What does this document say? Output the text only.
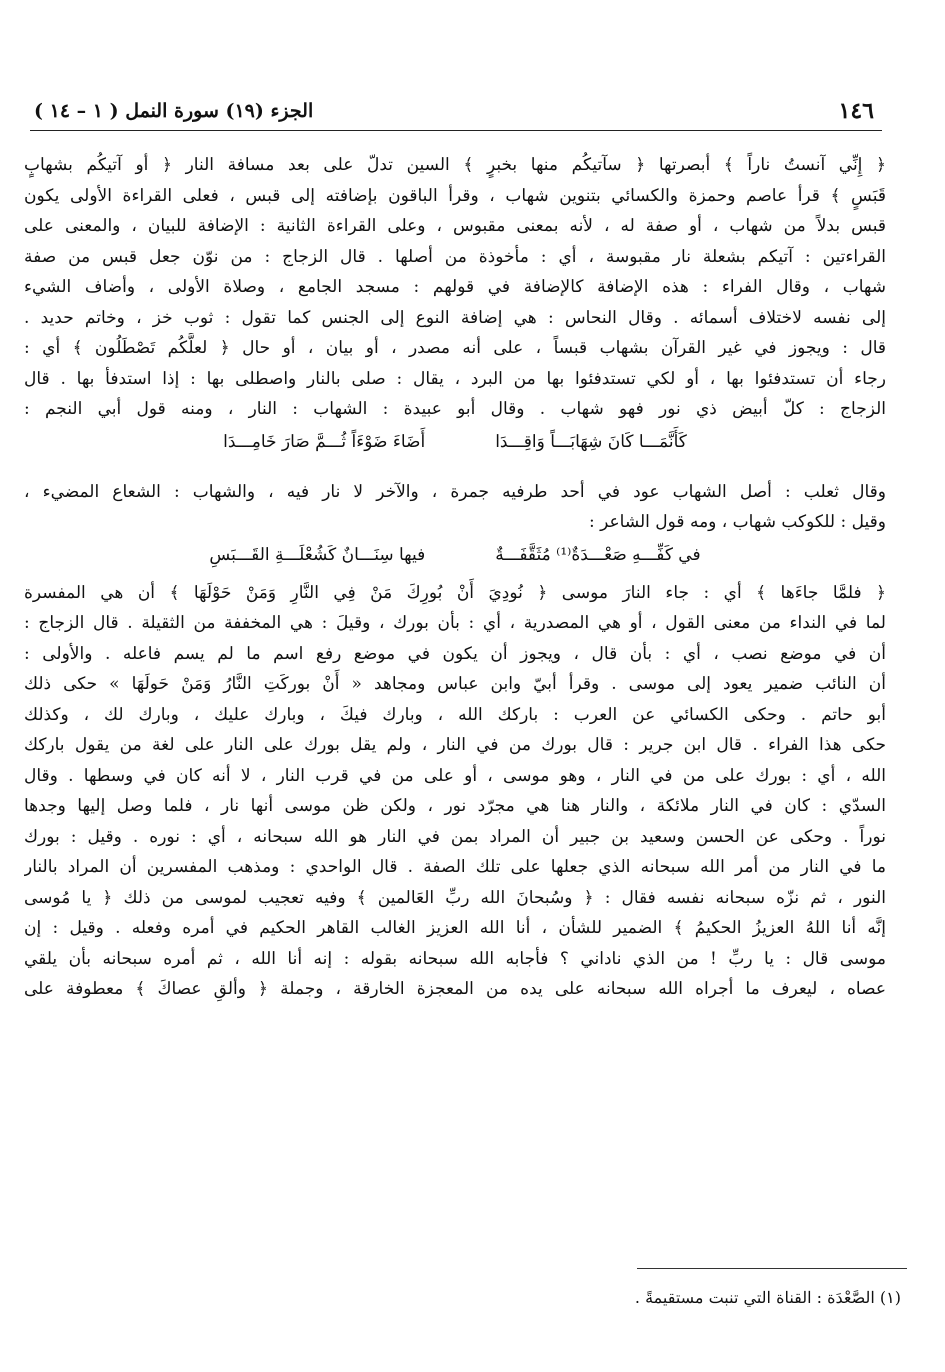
١٤٦
الجزء (١٩) سورة النمل ( ١ – ١٤ )
﴿ إِنِّي آنستُ ناراً ﴾ أبصرتها ﴿ سآتيكُم منها بخبرٍ ﴾ السين تدلّ على بعد مسافة النار ﴿ أو آتيكُم بشهابٍ
قَبَسٍ ﴾ قرأ عاصم وحمزة والكسائي بتنوين شهاب ، وقرأ الباقون بإضافته إلى قبس ، فعلى القراءة الأولى يكون
قبس بدلاً من شهاب ، أو صفة له ، لأنه بمعنى مقبوس ، وعلى القراءة الثانية : الإضافة للبيان ، والمعنى على
القراءتين : آتيكم بشعلة نار مقبوسة ، أي : مأخوذة من أصلها . قال الزجاج : من نوّن جعل قبس من صفة
شهاب ، وقال الفراء : هذه الإضافة كالإضافة في قولهم : مسجد الجامع ، وصلاة الأولى ، وأضاف الشيء
إلى نفسه لاختلاف أسمائه . وقال النحاس : هي إضافة النوع إلى الجنس كما تقول : ثوب خز ، وخاتم حديد .
قال : ويجوز في غير القرآن بشهاب قبساً ، على أنه مصدر ، أو بيان ، أو حال ﴿ لعلَّكُم تَصْطَلُون ﴾ أي :
رجاء أن تستدفئوا بها ، أو لكي تستدفئوا بها من البرد ، يقال : صلى بالنار واصطلى بها : إذا استدفأ بها . قال
الزجاج : كلّ أبيض ذي نور فهو شهاب . وقال أبو عبيدة : الشهاب : النار ، ومنه قول أبي النجم :
كَأَنَّمَـــا كَانَ شِهَابَـــاً وَاقِـــدَا
أَضَاءَ ضَوْءَاً ثُـــمَّ صَارَ خَامِـــدَا
وقال ثعلب : أصل الشهاب عود في أحد طرفيه جمرة ، والآخر لا نار فيه ، والشهاب : الشعاع المضيء ،
وقيل : للكوكب شهاب ، ومه قول الشاعر :
في كَفِّـــهِ صَعْـــدَةٌ⁽¹⁾ مُثَقَّفَـــةٌ
فيها سِنَـــانٌ كَشُعْلَـــةِ القَـــبَسِ
﴿ فلمَّا جاءَها ﴾ أي : جاء النارَ موسى ﴿ نُودِيَ أَنْ بُورِكَ مَنْ فِي النَّارِ وَمَنْ حَوْلَهَا ﴾ أن هي المفسرة
لما في النداء من معنى القول ، أو هي المصدرية ، أي : بأن بورك ، وقيلَ : هي المخففة من الثقيلة . قال الزجاج :
أن في موضع نصب ، أي : بأن قال ، ويجوز أن يكون في موضع رفع اسم ما لم يسم فاعله . والأولى :
أن النائب ضمير يعود إلى موسى . وقرأ أبيّ وابن عباس ومجاهد « أَنْ بوركَتِ النَّارُ وَمَنْ حَولَهَا » حكى ذلك
أبو حاتم . وحكى الكسائي عن العرب : باركك الله ، وبارك فيكَ ، وبارك عليك ، وبارك لك ، وكذلك
حكى هذا الفراء . قال ابن جرير : قال بورك من في النار ، ولم يقل بورك على النار على لغة من يقول باركك
الله ، أي : بورك على من في النار ، وهو موسى ، أو على من في قرب النار ، لا أنه كان في وسطها . وقال
السدّي : كان في النار ملائكة ، والنار هنا هي مجرّد نور ، ولكن ظن موسى أنها نار ، فلما وصل إليها وجدها
نوراً . وحكى عن الحسن وسعيد بن جبير أن المراد بمن في النار هو الله سبحانه ، أي : نوره . وقيل : بورك
ما في النار من أمر الله سبحانه الذي جعلها على تلك الصفة . قال الواحدي : ومذهب المفسرين أن المراد بالنار
النور ، ثم نزّه سبحانه نفسه فقال : ﴿ وسُبحانَ الله ربِّ العَالمين ﴾ وفيه تعجيب لموسى من ذلك ﴿ يا مُوسى
إنَّه أنا اللهُ العزيزُ الحكيمُ ﴾ الضمير للشأن ، أنا الله العزيز الغالب القاهر الحكيم في أمره وفعله . وقيل : إن
موسى قال : يا ربِّ ! من الذي ناداني ؟ فأجابه الله سبحانه بقوله : إنه أنا الله ، ثم أمره سبحانه بأن يلقي
عصاه ، ليعرف ما أجراه الله سبحانه على يده من المعجزة الخارقة ، وجملة ﴿ وألقِ عصاكَ ﴾ معطوفة على
(١) الصَّعْدَة : القناة التي تنبت مستقيمةً .
